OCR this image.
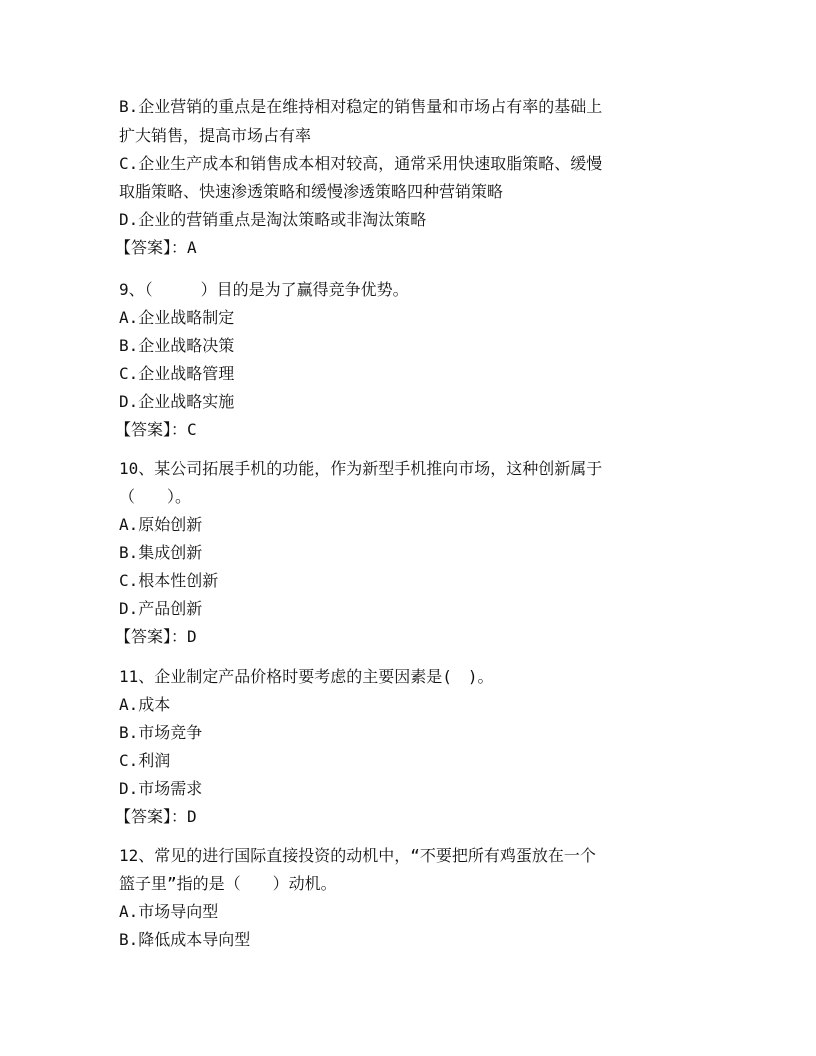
B.企业营销的重点是在维持相对稳定的销售量和市场占有率的基础上
扩大销售，提高市场占有率
C.企业生产成本和销售成本相对较高，通常采用快速取脂策略、缓慢
取脂策略、快速渗透策略和缓慢渗透策略四种营销策略
D.企业的营销重点是淘汰策略或非淘汰策略
【答案】：A
9、（　　　）目的是为了赢得竞争优势。
A.企业战略制定
B.企业战略决策
C.企业战略管理
D.企业战略实施
【答案】：C
10、某公司拓展手机的功能，作为新型手机推向市场，这种创新属于
（　　）。
A.原始创新
B.集成创新
C.根本性创新
D.产品创新
【答案】：D
11、企业制定产品价格时要考虑的主要因素是(　)。
A.成本
B.市场竞争
C.利润
D.市场需求
【答案】：D
12、常见的进行国际直接投资的动机中，“不要把所有鸡蛋放在一个
篮子里”指的是（　　）动机。
A.市场导向型
B.降低成本导向型
